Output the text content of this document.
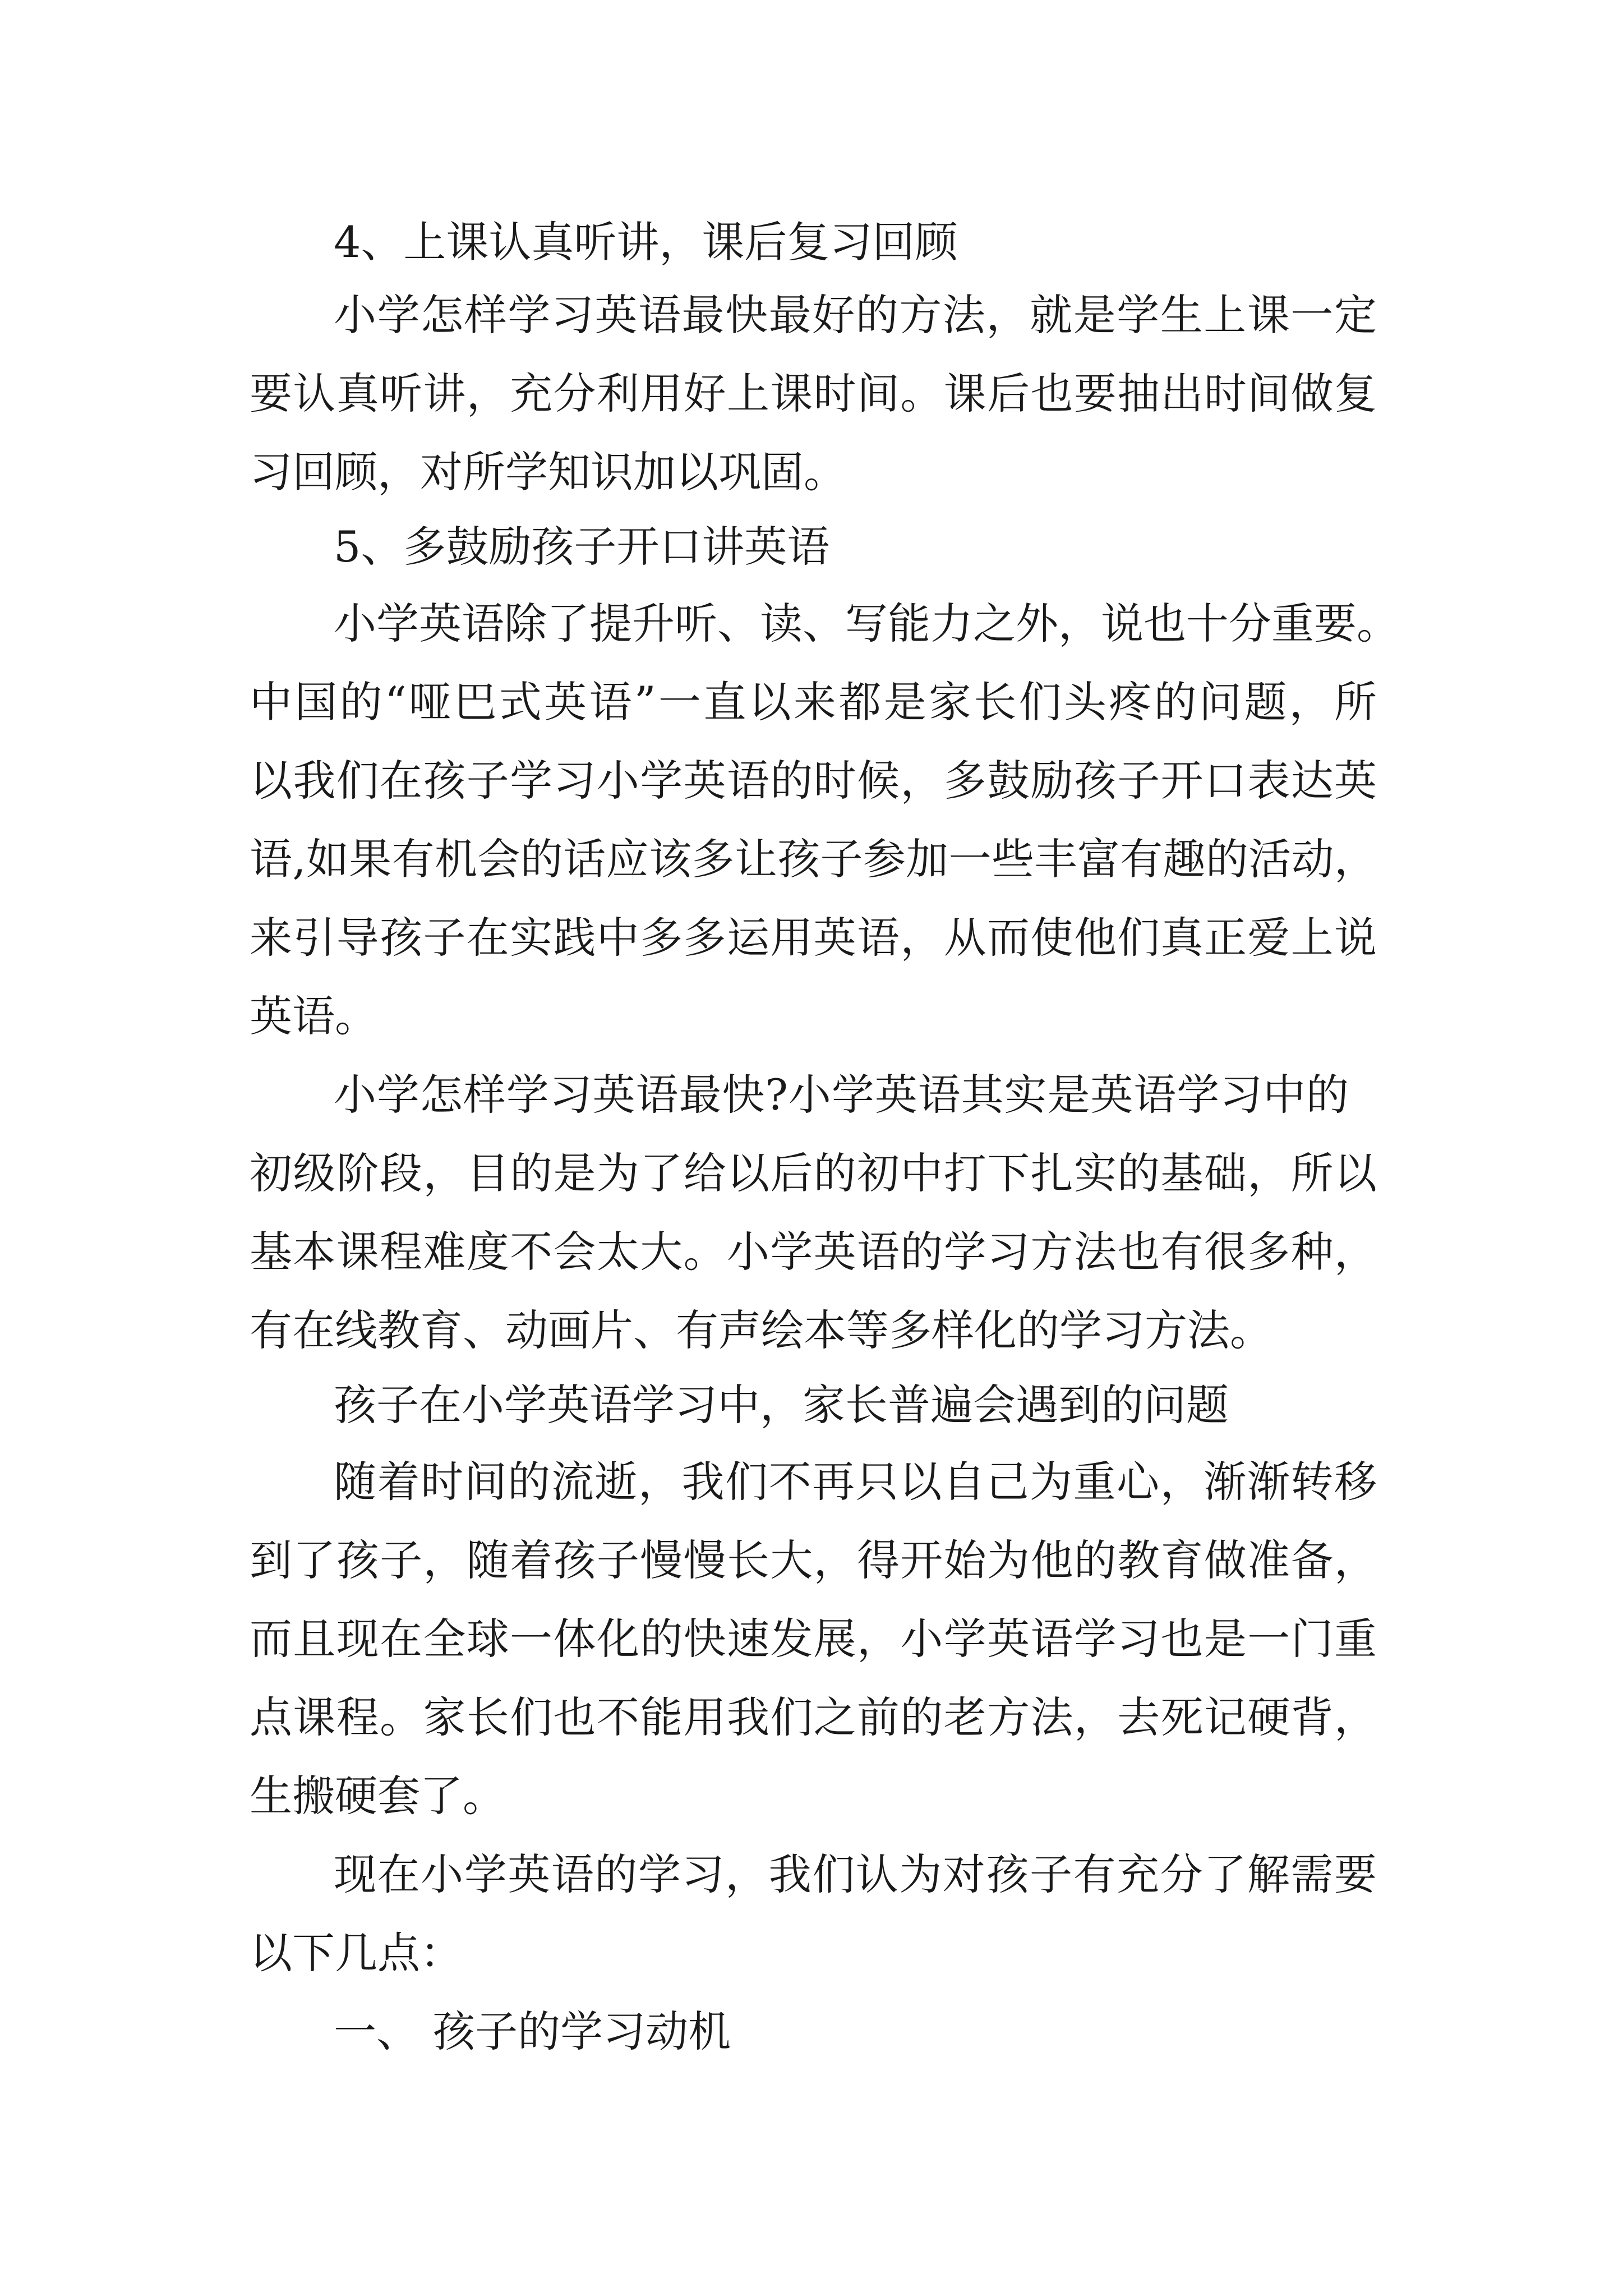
4、上课认真听讲，课后复习回顾

小学怎样学习英语最快最好的方法，就是学生上课一定

要认真听讲，充分利用好上课时间。课后也要抽出时间做复

习回顾，对所学知识加以巩固。

5、多鼓励孩子开口讲英语

小学英语除了提升听、读、写能力之外，说也十分重要。

中国的“哑巴式英语”一直以来都是家长们头疼的问题，所

以我们在孩子学习小学英语的时候，多鼓励孩子开口表达英

语,如果有机会的话应该多让孩子参加一些丰富有趣的活动，

来引导孩子在实践中多多运用英语，从而使他们真正爱上说

英语。

小学怎样学习英语最快?小学英语其实是英语学习中的

初级阶段，目的是为了给以后的初中打下扎实的基础，所以

基本课程难度不会太大。小学英语的学习方法也有很多种，

有在线教育、动画片、有声绘本等多样化的学习方法。

孩子在小学英语学习中，家长普遍会遇到的问题

随着时间的流逝，我们不再只以自己为重心，渐渐转移

到了孩子，随着孩子慢慢长大，得开始为他的教育做准备，

而且现在全球一体化的快速发展，小学英语学习也是一门重

点课程。家长们也不能用我们之前的老方法，去死记硬背，

生搬硬套了。

现在小学英语的学习，我们认为对孩子有充分了解需要

以下几点：

一、 孩子的学习动机
